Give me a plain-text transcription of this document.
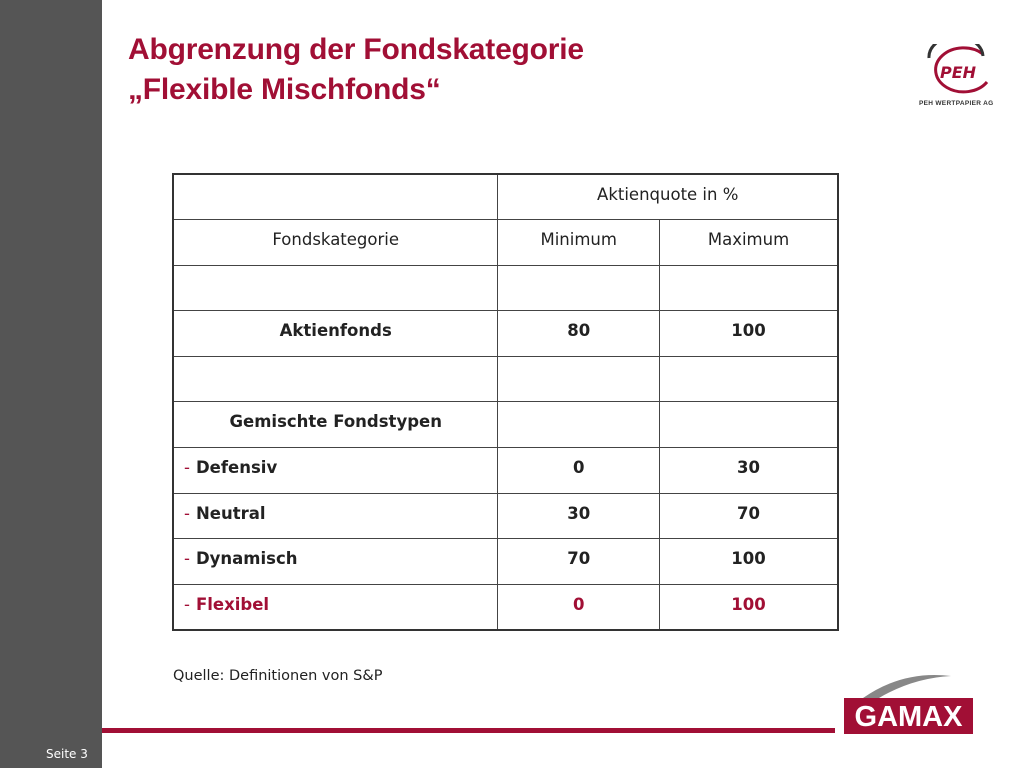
Seite 3
Abgrenzung der Fondskategorie
„Flexible Mischfonds“
PEH
PEH WERTPAPIER AG
	Aktienquote in %	
Fondskategorie	Minimum	Maximum

Aktienfonds	80	100

Gemischte Fondstypen		
- Defensiv	0	30
- Neutral	30	70
- Dynamisch	70	100
- Flexibel	0	100
Quelle: Definitionen von S&P
GAMAX
